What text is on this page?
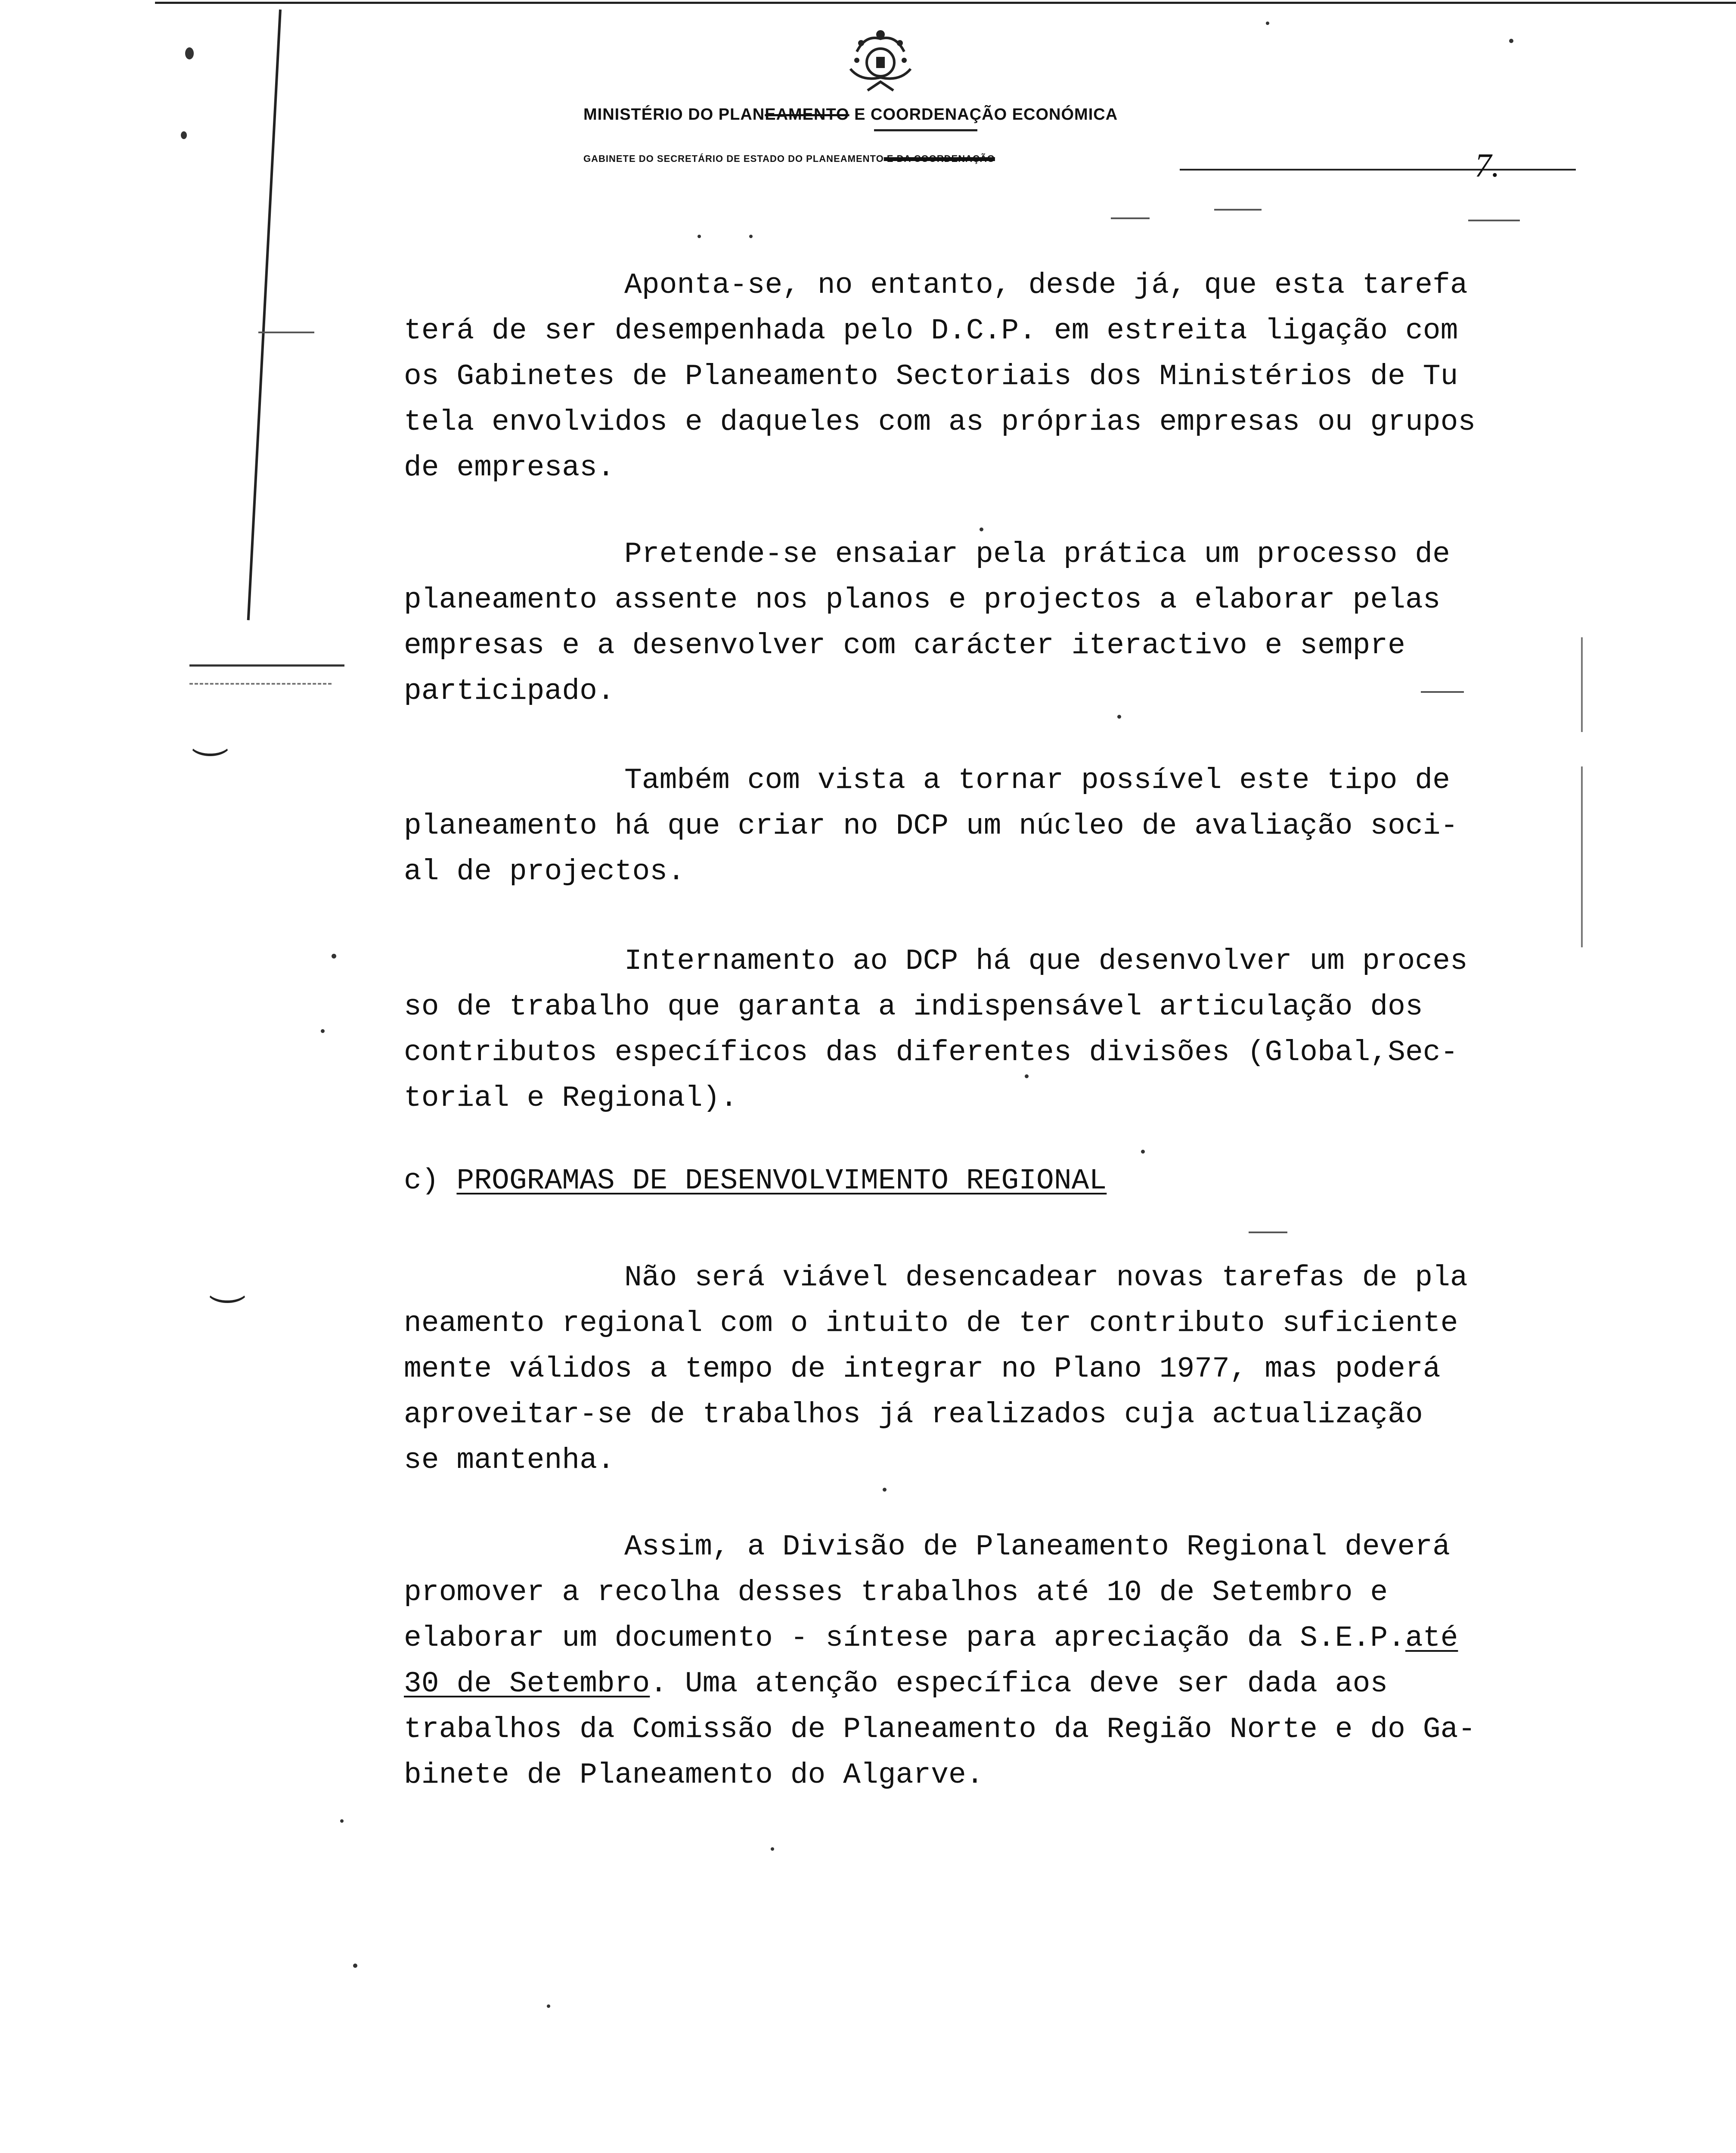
MINISTÉRIO DO PLANEAMENTO E COORDENAÇÃO ECONÓMICA
GABINETE DO SECRETÁRIO DE ESTADO DO PLANEAMENTO E DA COORDENAÇÃO	7.
Aponta-se, no entanto, desde já, que esta tarefa
terá de ser desempenhada pelo D.C.P. em estreita ligação com
os Gabinetes de Planeamento Sectoriais dos Ministérios de Tu
tela envolvidos e daqueles com as próprias empresas ou grupos
de empresas.
Pretende-se ensaiar pela prática um processo de
planeamento assente nos planos e projectos a elaborar pelas
empresas e a desenvolver com carácter iteractivo e sempre
participado.
Também com vista a tornar possível este tipo de
planeamento há que criar no DCP um núcleo de avaliação soci-
al de projectos.
Internamento ao DCP há que desenvolver um proces
so de trabalho que garanta a indispensável articulação dos
contributos específicos das diferentes divisões (Global,Sec-
torial e Regional).
c) PROGRAMAS DE DESENVOLVIMENTO REGIONAL
Não será viável desencadear novas tarefas de pla
neamento regional com o intuito de ter contributo suficiente
mente válidos a tempo de integrar no Plano 1977, mas poderá
aproveitar-se de trabalhos já realizados cuja actualização
se mantenha.
Assim, a Divisão de Planeamento Regional deverá
promover a recolha desses trabalhos até 10 de Setembro e
elaborar um documento - síntese para apreciação da S.E.P.até
30 de Setembro. Uma atenção específica deve ser dada aos
trabalhos da Comissão de Planeamento da Região Norte e do Ga-
binete de Planeamento do Algarve.
